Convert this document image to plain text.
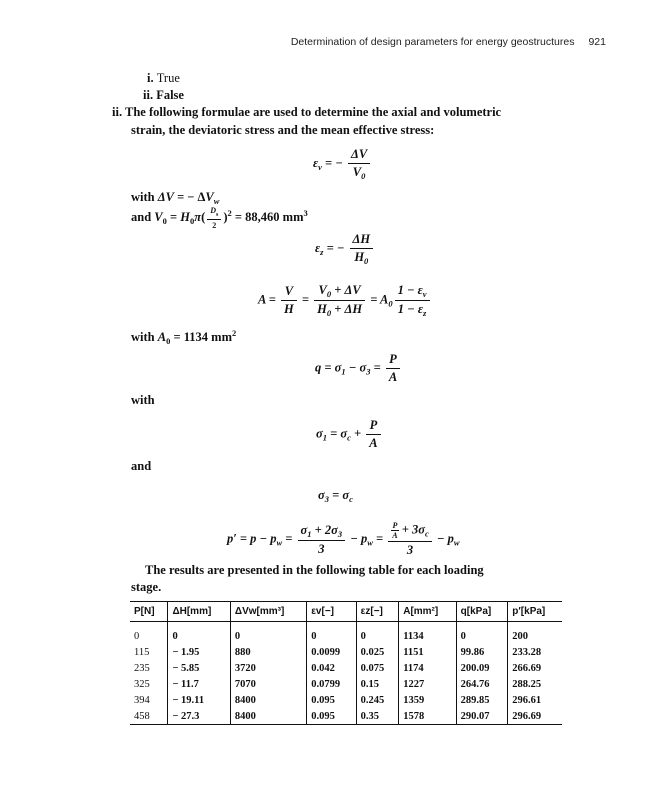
Determination of design parameters for energy geostructures 921
i. True
ii. False
ii. The following formulae are used to determine the axial and volumetric
strain, the deviatoric stress and the mean effective stress:
$\varepsilon_v$ = − $\frac{\Delta V}{V_0}$
with ΔV = − $\Delta V_w$
and $V_0 = H_0\pi( \frac{D_s}{2} )^2 = 88,460$ $mm^3$
$\varepsilon_z$ = − $\frac{\Delta H}{H_0}$
$A = \frac{V}{H} = \frac{V_0 + \Delta V}{H_0 + \Delta H} = A_0 \frac{1 - \varepsilon_v}{1 - \varepsilon_z}$
with $A_0 = 1134$ $mm^2$
$q = \sigma_1 - \sigma_3 = \frac{P}{A}$
with
$\sigma_1 = \sigma_c + \frac{P}{A}$
and
$\sigma_3 = \sigma_c$
$p' = p - p_w = \frac{\sigma_1 + 2\sigma_3}{3} - p_w = \frac{\frac{P}{A} + 3\sigma_c}{3} - p_w$
The results are presented in the following table for each loading
stage.
P[N]	ΔH[mm]	ΔVw[mm³]	εv[−]	εz[−]	A[mm²]	q[kPa]	p′[kPa]
0	0	0	0	0	1134	0	200
115	− 1.95	880	0.0099	0.025	1151	99.86	233.28
235	− 5.85	3720	0.042	0.075	1174	200.09	266.69
325	− 11.7	7070	0.0799	0.15	1227	264.76	288.25
394	− 19.11	8400	0.095	0.245	1359	289.85	296.61
458	− 27.3	8400	0.095	0.35	1578	290.07	296.69
